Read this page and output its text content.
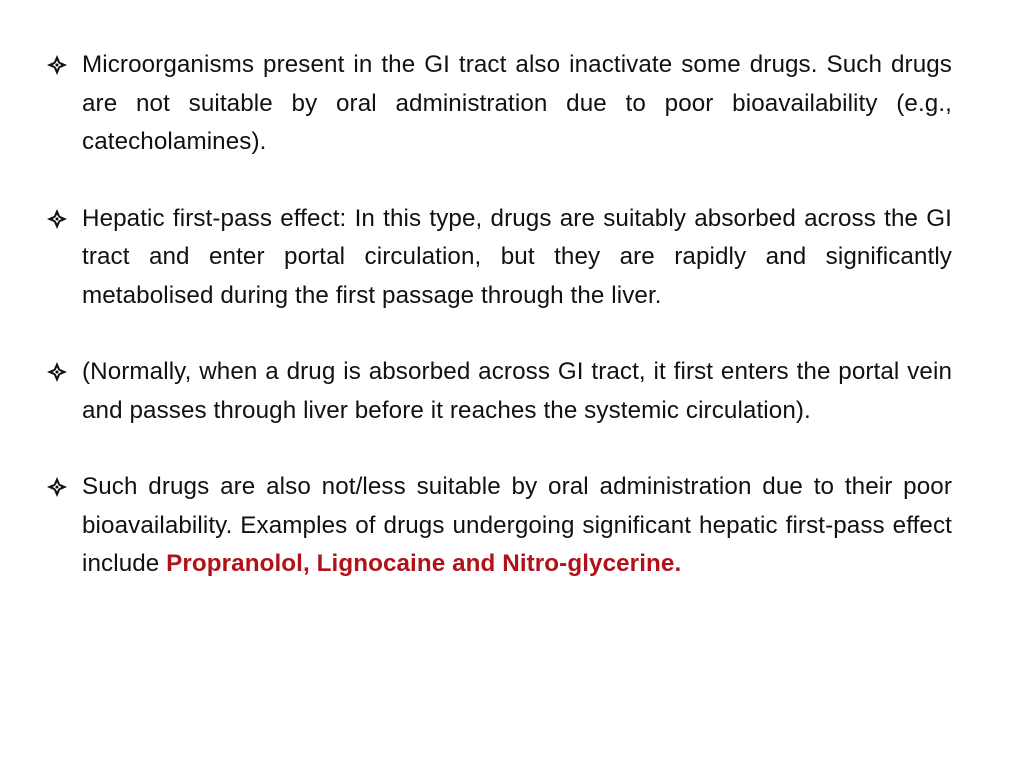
Microorganisms present in the GI tract also inactivate some drugs. Such drugs are not suitable by oral administration due to poor bioavailability (e.g., catecholamines).
Hepatic first-pass effect: In this type, drugs are suitably absorbed across the GI tract and enter portal circulation, but they are rapidly and significantly metabolised during the first passage through the liver.
(Normally, when a drug is absorbed across GI tract, it first enters the portal vein and passes through liver before it reaches the systemic circulation).
Such drugs are also not/less suitable by oral administration due to their poor bioavailability. Examples of drugs undergoing significant hepatic first-pass effect include Propranolol, Lignocaine and Nitro-glycerine.
